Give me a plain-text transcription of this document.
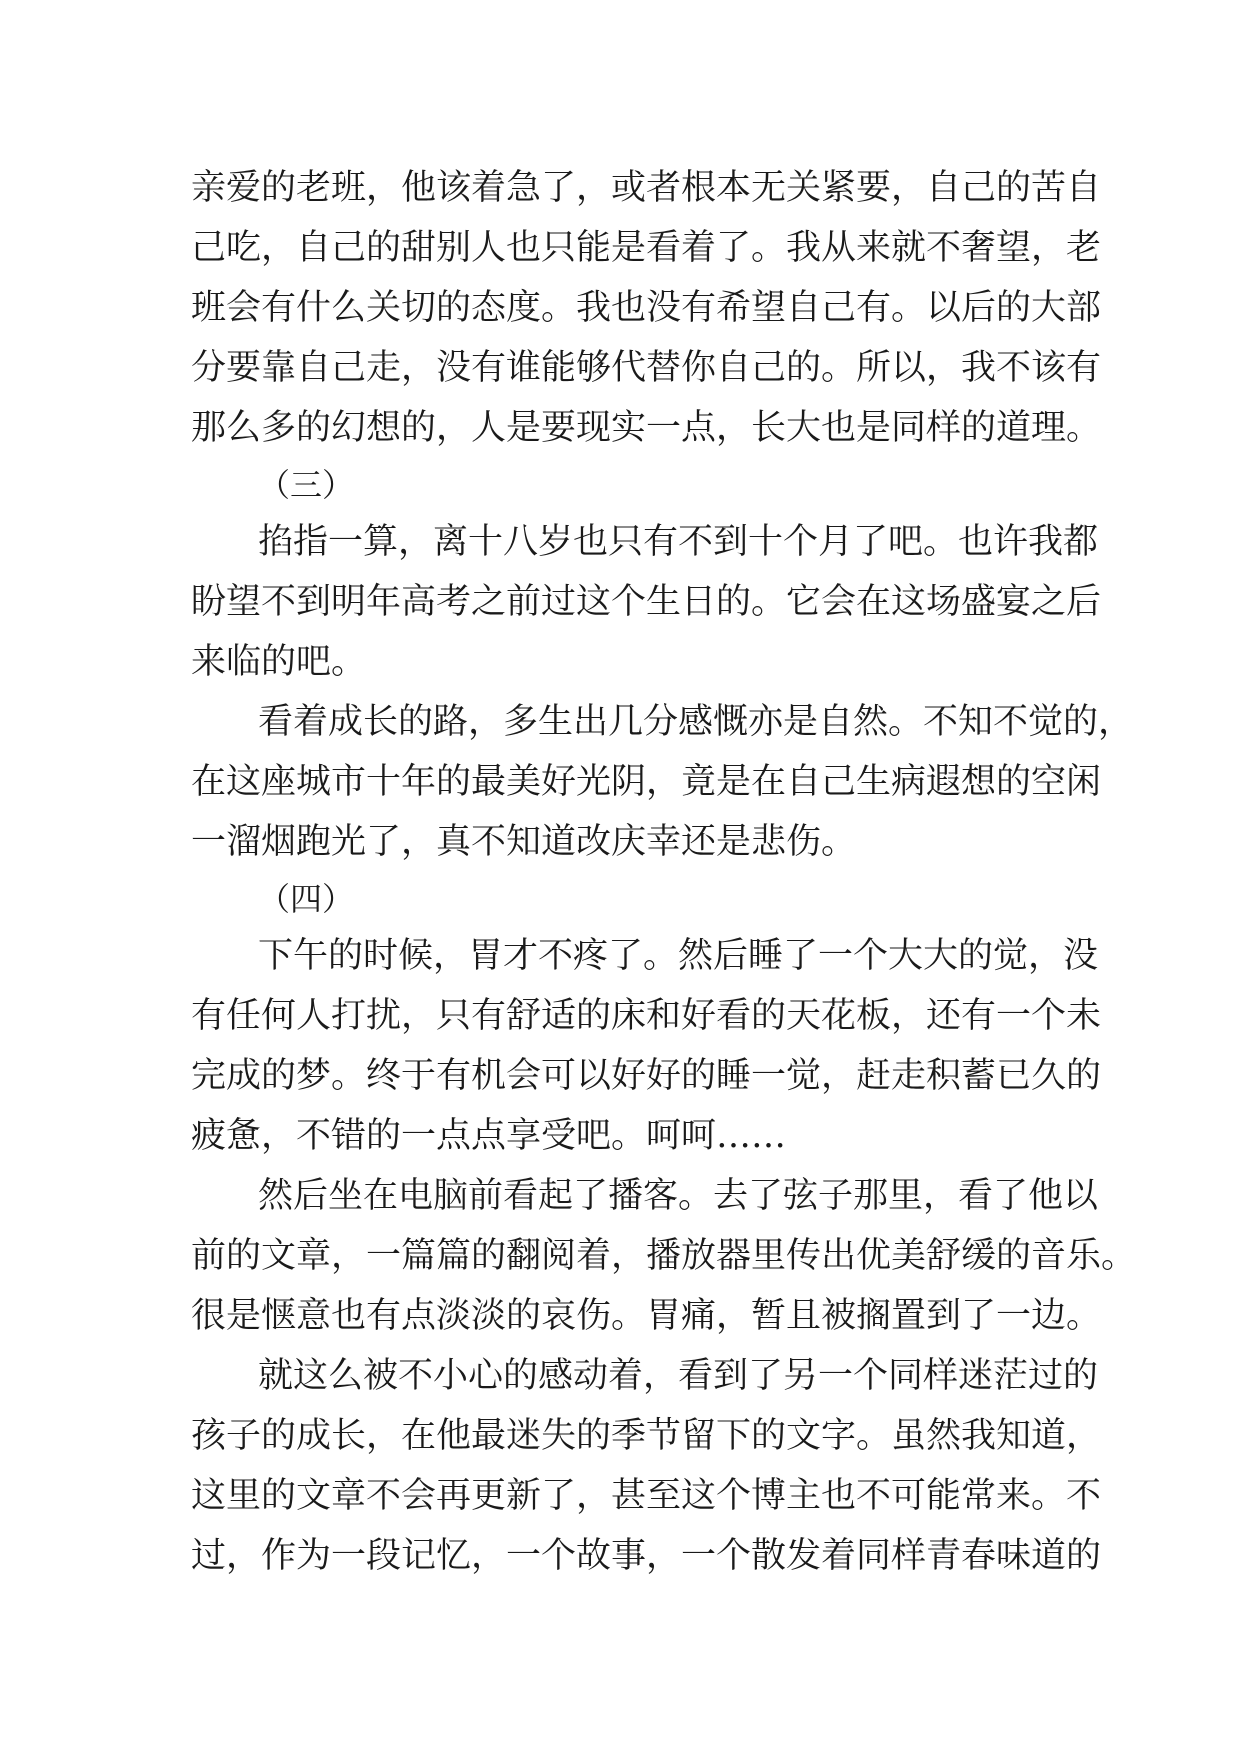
亲爱的老班，他该着急了，或者根本无关紧要，自己的苦自
己吃，自己的甜别人也只能是看着了。我从来就不奢望，老
班会有什么关切的态度。我也没有希望自己有。以后的大部
分要靠自己走，没有谁能够代替你自己的。所以，我不该有
那么多的幻想的，人是要现实一点，长大也是同样的道理。
（三）
掐指一算，离十八岁也只有不到十个月了吧。也许我都
盼望不到明年高考之前过这个生日的。它会在这场盛宴之后
来临的吧。
看着成长的路，多生出几分感慨亦是自然。不知不觉的，
在这座城市十年的最美好光阴，竟是在自己生病遐想的空闲
一溜烟跑光了，真不知道改庆幸还是悲伤。
（四）
下午的时候，胃才不疼了。然后睡了一个大大的觉，没
有任何人打扰，只有舒适的床和好看的天花板，还有一个未
完成的梦。终于有机会可以好好的睡一觉，赶走积蓄已久的
疲惫，不错的一点点享受吧。呵呵……
然后坐在电脑前看起了播客。去了弦子那里，看了他以
前的文章，一篇篇的翻阅着，播放器里传出优美舒缓的音乐。
很是惬意也有点淡淡的哀伤。胃痛，暂且被搁置到了一边。
就这么被不小心的感动着，看到了另一个同样迷茫过的
孩子的成长，在他最迷失的季节留下的文字。虽然我知道，
这里的文章不会再更新了，甚至这个博主也不可能常来。不
过，作为一段记忆，一个故事，一个散发着同样青春味道的
